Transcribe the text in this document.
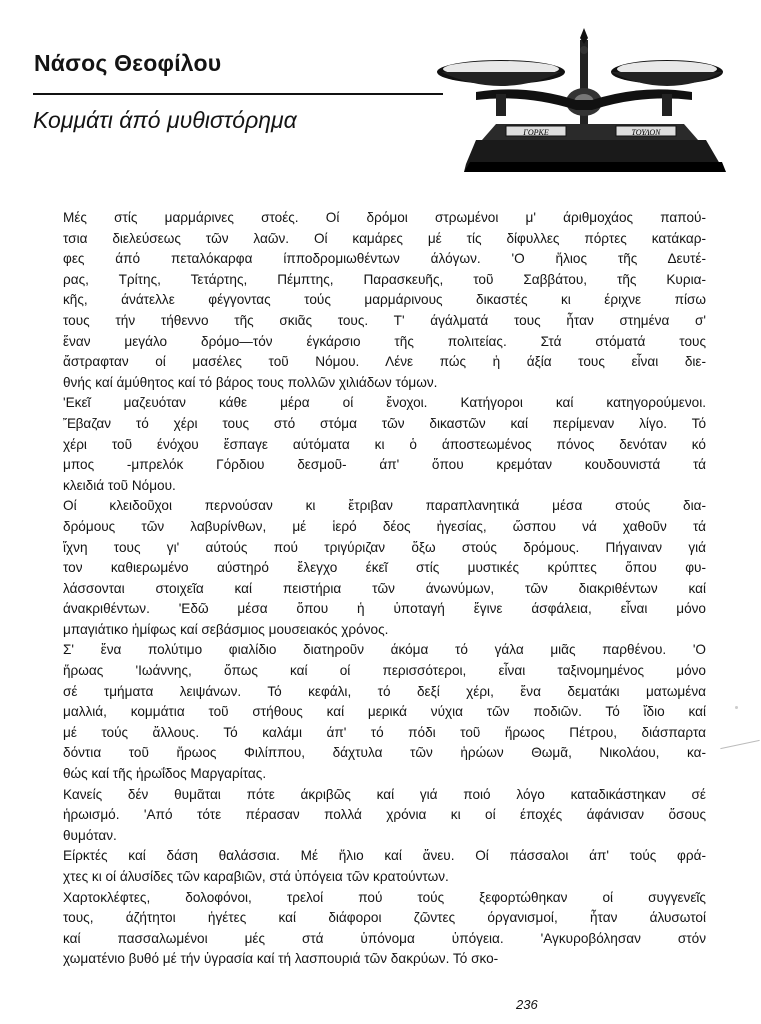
Νάσος Θεοφίλου
Κομμάτι άπό μυθιστόρημα	ΓΟΡΚΕ	ΤΟΥΛΟΝ

Μές στίς μαρμάρινες στοές. Οί δρόμοι στρωμένοι μ' άριθμοχάος παπού-
τσια διελεύσεως τῶν λαῶν. Οί καμάρες μέ τίς δίφυλλες πόρτες κατάκαρ-
φες άπό πεταλόκαρφα ίπποδρομιωθέντων άλόγων. 'Ο ἥλιος τῆς Δευτέ-
ρας, Τρίτης, Τετάρτης, Πέμπτης, Παρασκευῆς, τοῦ Σαββάτου, τῆς Κυρια-
κῆς, άνάτελλε φέγγοντας τούς μαρμάρινους δικαστές κι έριχνε πίσω
τους τήν τήθεννο τῆς σκιᾶς τους. Τ' άγάλματά τους ἦταν στημένα σ'
ἕναν μεγάλο δρόμο—τόν έγκάρσιο τῆς πολιτείας. Στά στόματά τους
ἄστραφταν οί μασέλες τοῦ Νόμου. Λένε πώς ἡ άξία τους εἶναι διε-
θνής καί άμύθητος καί τό βάρος τους πολλῶν χιλιάδων τόμων.

'Εκεῖ μαζευόταν κάθε μέρα οί ἔνοχοι. Κατήγοροι καί κατηγορούμενοι.
Ἔβαζαν τό χέρι τους στό στόμα τῶν δικαστῶν καί περίμεναν λίγο. Τό
χέρι τοῦ ένόχου ἔσπαγε αύτόματα κι ὁ άποστεωμένος πόνος δενόταν κό
μπος -μπρελόκ Γόρδιου δεσμοῦ- άπ' ὅπου κρεμόταν κουδουνιστά τά
κλειδιά τοῦ Νόμου.

Οί κλειδοῦχοι περνούσαν κι ἔτριβαν παραπλανητικά μέσα στούς δια-
δρόμους τῶν λαβυρίνθων, μέ ἱερό δέος ἡγεσίας, ὥσπου νά χαθοῦν τά
ἴχνη τους γι' αύτούς πού τριγύριζαν ὅξω στούς δρόμους. Πήγαιναν γιά
τον καθιερωμένο αύστηρό ἔλεγχο έκεῖ στίς μυστικές κρύπτες ὅπου φυ-
λάσσονται στοιχεῖα καί πειστήρια τῶν άνωνύμων, τῶν διακριθέντων καί
άνακριθέντων. 'Εδῶ μέσα ὅπου ἡ ὑποταγή ἔγινε άσφάλεια, εἶναι μόνο
μπαγιάτικο ἡμίφως καί σεβάσμιος μουσειακός χρόνος.

Σ' ἕνα πολύτιμο φιαλίδιο διατηροῦν άκόμα τό γάλα μιᾶς παρθένου. 'Ο
ἥρωας 'Ιωάννης, ὅπως καί οί περισσότεροι, εἶναι ταξινομημένος μόνο
σέ τμήματα λειψάνων. Τό κεφάλι, τό δεξί χέρι, ἕνα δεματάκι ματωμένα
μαλλιά, κομμάτια τοῦ στήθους καί μερικά νύχια τῶν ποδιῶν. Τό ἴδιο καί
μέ τούς ἄλλους. Τό καλάμι άπ' τό πόδι τοῦ ἥρωος Πέτρου, διάσπαρτα
δόντια τοῦ ἥρωος Φιλίππου, δάχτυλα τῶν ἡρώων Θωμᾶ, Νικολάου, κα-
θώς καί τῆς ἡρωΐδος Μαργαρίτας.

Κανείς δέν θυμᾶται πότε άκριβῶς καί γιά ποιό λόγο καταδικάστηκαν σέ
ἡρωισμό. 'Από τότε πέρασαν πολλά χρόνια κι οί έποχές άφάνισαν ὅσους
θυμόταν.

Είρκτές καί δάση θαλάσσια. Μέ ἥλιο καί ἄνευ. Οί πάσσαλοι άπ' τούς φρά-
χτες κι οί άλυσίδες τῶν καραβιῶν, στά ὑπόγεια τῶν κρατούντων.

Χαρτοκλέφτες, δολοφόνοι, τρελοί πού τούς ξεφορτώθηκαν οί συγγενεῖς
τους, άζήτητοι ἡγέτες καί διάφοροι ζῶντες όργανισμοί, ἦταν άλυσωτοί
καί πασσαλωμένοι μές στά ὑπόνομα ὑπόγεια. 'Αγκυροβόλησαν στόν
χωματένιο βυθό μέ τήν ὑγρασία καί τή λασπουριά τῶν δακρύων. Τό σκο-

236
